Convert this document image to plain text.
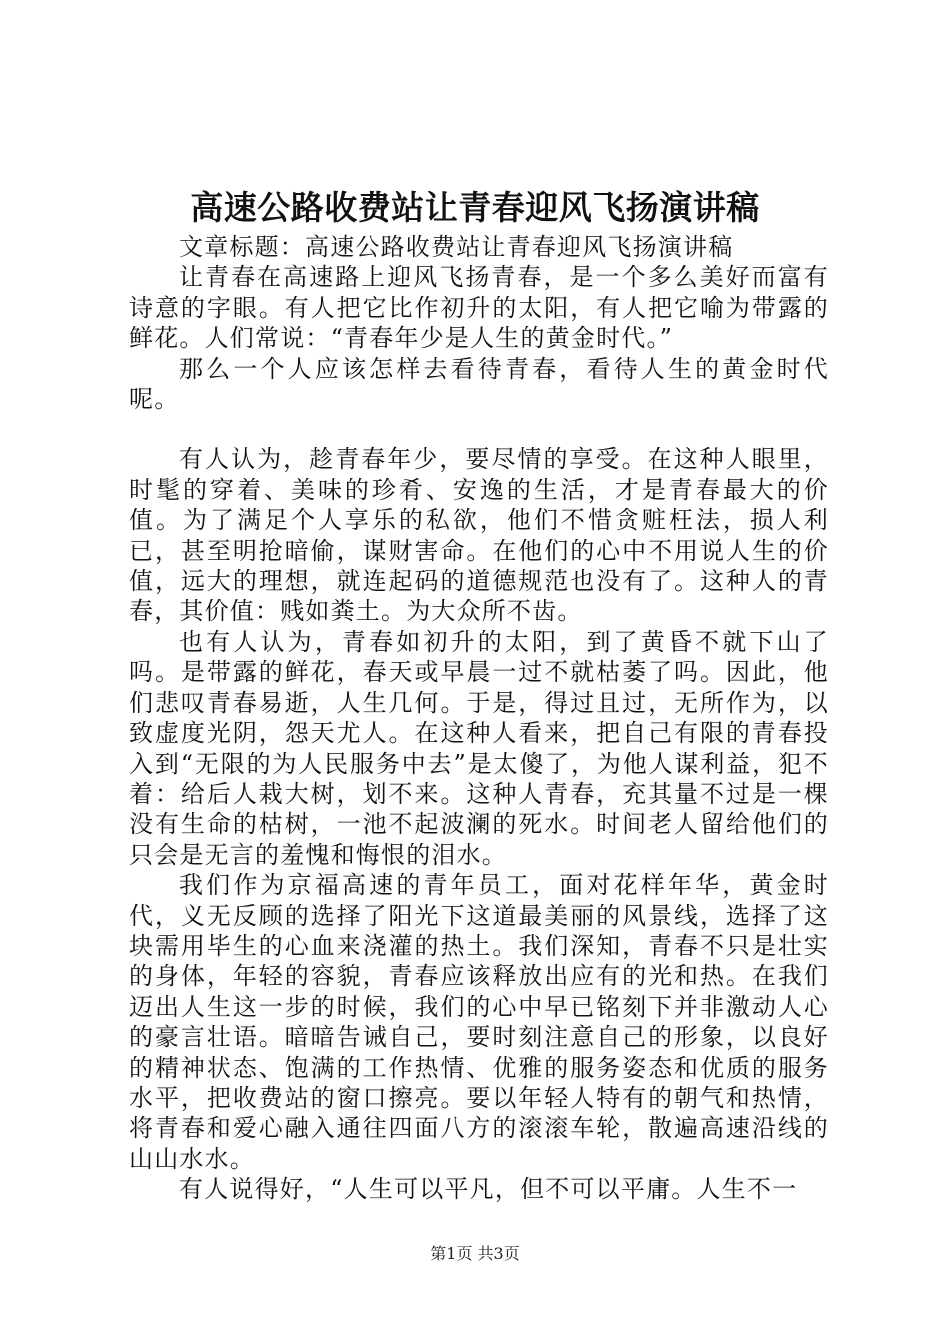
高速公路收费站让青春迎风飞扬演讲稿

文章标题：高速公路收费站让青春迎风飞扬演讲稿

让青春在高速路上迎风飞扬青春，是一个多么美好而富有诗意的字眼。有人把它比作初升的太阳，有人把它喻为带露的鲜花。人们常说：“青春年少是人生的黄金时代。”

那么一个人应该怎样去看待青春，看待人生的黄金时代呢。

有人认为，趁青春年少，要尽情的享受。在这种人眼里，时髦的穿着、美味的珍肴、安逸的生活，才是青春最大的价值。为了满足个人享乐的私欲，他们不惜贪赃枉法，损人利已，甚至明抢暗偷，谋财害命。在他们的心中不用说人生的价值，远大的理想，就连起码的道德规范也没有了。这种人的青春，其价值：贱如粪土。为大众所不齿。

也有人认为，青春如初升的太阳，到了黄昏不就下山了吗。是带露的鲜花，春天或早晨一过不就枯萎了吗。因此，他们悲叹青春易逝，人生几何。于是，得过且过，无所作为，以致虚度光阴，怨天尤人。在这种人看来，把自己有限的青春投入到“无限的为人民服务中去”是太傻了，为他人谋利益，犯不着：给后人栽大树，划不来。这种人青春，充其量不过是一棵没有生命的枯树，一池不起波澜的死水。时间老人留给他们的只会是无言的羞愧和悔恨的泪水。

我们作为京福高速的青年员工，面对花样年华，黄金时代，义无反顾的选择了阳光下这道最美丽的风景线，选择了这块需用毕生的心血来浇灌的热土。我们深知，青春不只是壮实的身体，年轻的容貌，青春应该释放出应有的光和热。在我们迈出人生这一步的时候，我们的心中早已铭刻下并非激动人心的豪言壮语。暗暗告诫自己，要时刻注意自己的形象，以良好的精神状态、饱满的工作热情、优雅的服务姿态和优质的服务水平，把收费站的窗口擦亮。要以年轻人特有的朝气和热情，将青春和爱心融入通往四面八方的滚滚车轮，散遍高速沿线的山山水水。

有人说得好，“人生可以平凡，但不可以平庸。人生不一

第1页 共3页
